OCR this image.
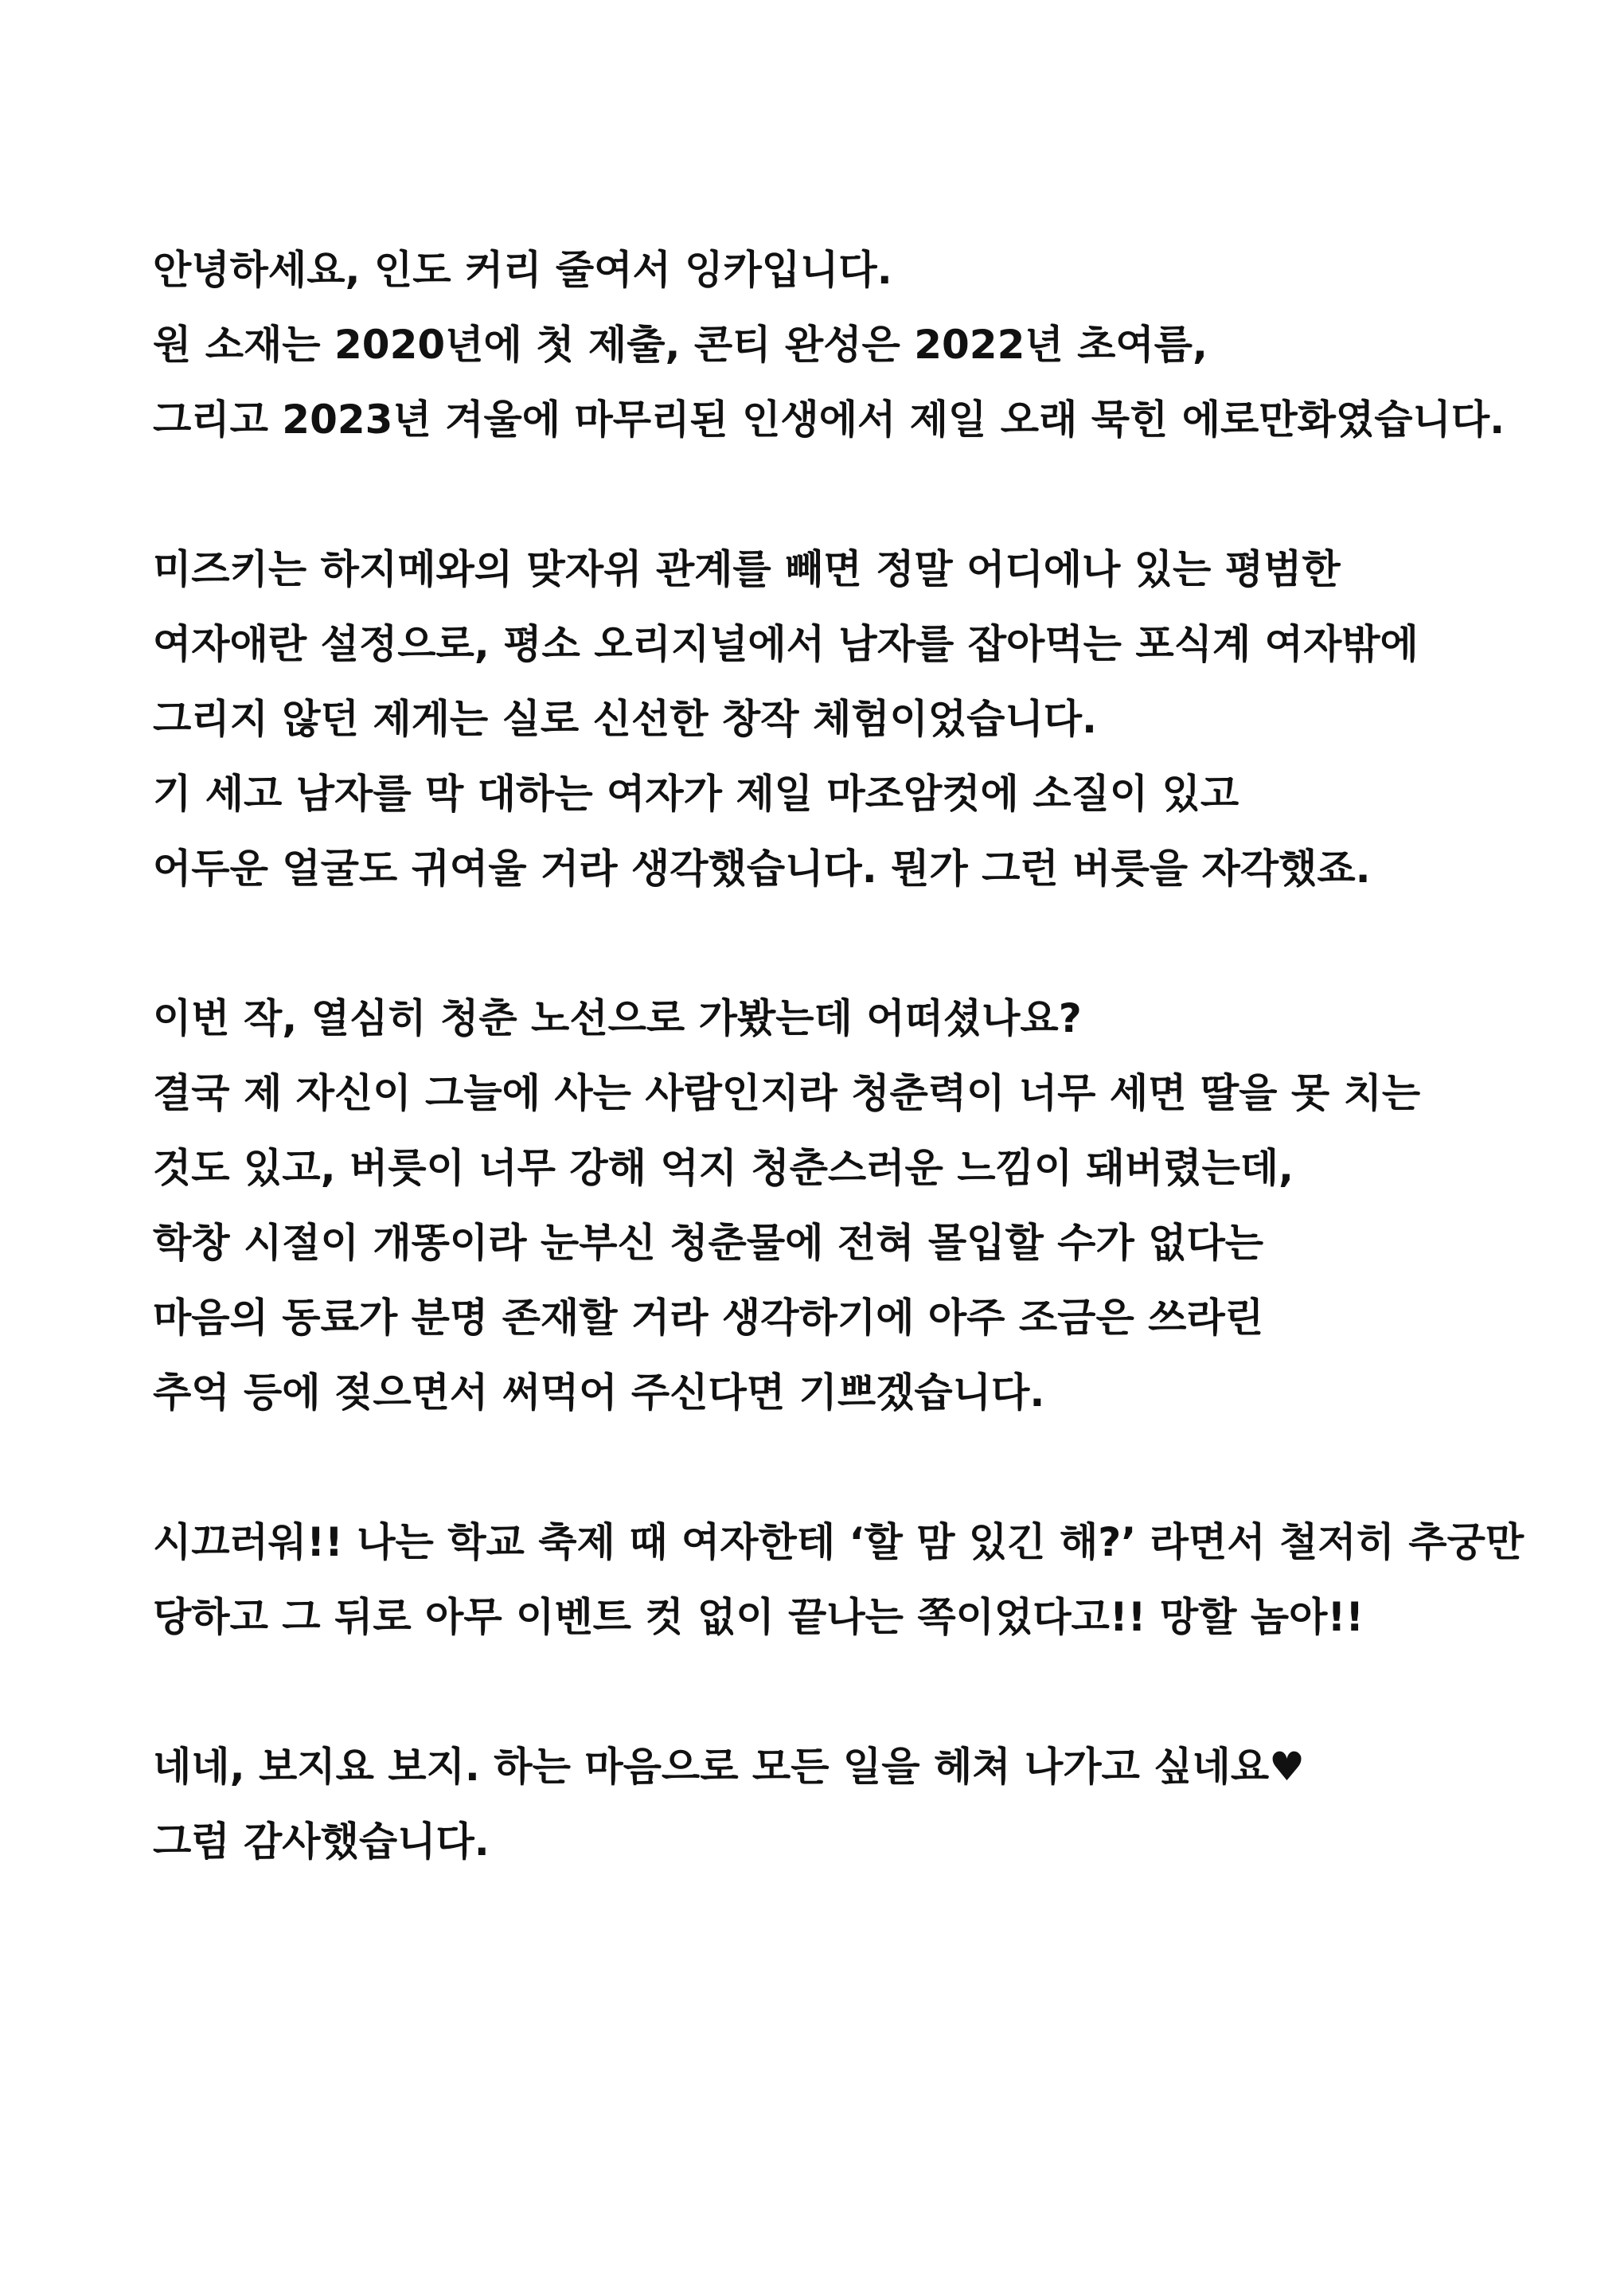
안녕하세요, 인도 커리 줄여서 잉카입니다.
원 소재는 2020년에 첫 제출, 콘티 완성은 2022년 초여름,
그리고 2023년 겨울에 마무리된 인생에서 제일 오래 묵힌 에로만화였습니다.

미즈키는 하지메와의 맞자위 관계를 빼면 정말 어디에나 있는 평범한
여자애란 설정으로, 평소 오리지널에서 남자를 잡아먹는 포식계 여자밖에
그리지 않던 제게는 실로 신선한 창작 체험이었습니다.
기 세고 남자를 막 대하는 여자가 제일 마조암컷에 소질이 있고
어두운 얼굴도 귀여울 거라 생각했습니다. 뭔가 그런 버릇을 자각했죠.

이번 작, 열심히 청춘 노선으로 가봤는데 어떠셨나요?
결국 제 자신이 그늘에 사는 사람인지라 청춘력이 너무 세면 딸을 못 치는
것도 있고, 버릇이 너무 강해 억지 청춘스러운 느낌이 돼버렸는데,
학창 시절이 개똥이라 눈부신 청춘물에 전혀 몰입할 수가 없다는
마음의 동료가 분명 존재할 거라 생각하기에 아주 조금은 쓰라린
추억 등에 젖으면서 써먹어 주신다면 기쁘겠습니다.

시끄러워!! 나는 학교 축제 때 여자한테 ‘할 맘 있긴 해?’ 라면서 철저히 추궁만
당하고 그 뒤로 아무 이벤트 컷 없이 끝나는 쪽이었다고!! 망할 놈아!!

네네, 보지요 보지. 하는 마음으로 모든 일을 헤쳐 나가고 싶네요♥
그럼 감사했습니다.
